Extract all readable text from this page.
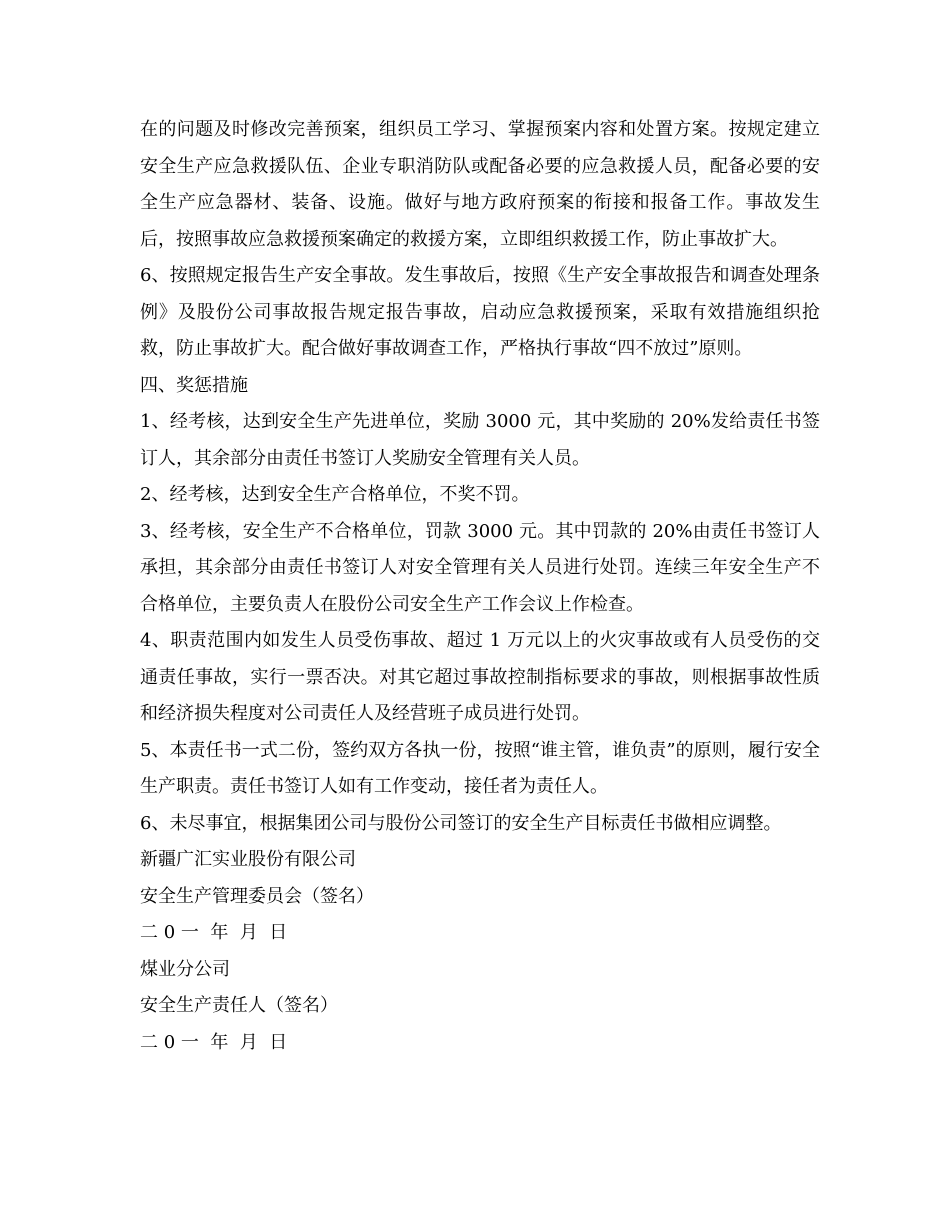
在的问题及时修改完善预案，组织员工学习、掌握预案内容和处置方案。按规定建立安全生产应急救援队伍、企业专职消防队或配备必要的应急救援人员，配备必要的安全生产应急器材、装备、设施。做好与地方政府预案的衔接和报备工作。事故发生后，按照事故应急救援预案确定的救援方案，立即组织救援工作，防止事故扩大。

6、按照规定报告生产安全事故。发生事故后，按照《生产安全事故报告和调查处理条例》及股份公司事故报告规定报告事故，启动应急救援预案，采取有效措施组织抢救，防止事故扩大。配合做好事故调查工作，严格执行事故“四不放过”原则。

四、奖惩措施

1、经考核，达到安全生产先进单位，奖励 3000 元，其中奖励的 20%发给责任书签订人，其余部分由责任书签订人奖励安全管理有关人员。

2、经考核，达到安全生产合格单位，不奖不罚。

3、经考核，安全生产不合格单位，罚款 3000 元。其中罚款的 20%由责任书签订人承担，其余部分由责任书签订人对安全管理有关人员进行处罚。连续三年安全生产不合格单位，主要负责人在股份公司安全生产工作会议上作检查。

4、职责范围内如发生人员受伤事故、超过 1 万元以上的火灾事故或有人员受伤的交通责任事故，实行一票否决。对其它超过事故控制指标要求的事故，则根据事故性质和经济损失程度对公司责任人及经营班子成员进行处罚。

5、本责任书一式二份，签约双方各执一份，按照“谁主管，谁负责”的原则，履行安全生产职责。责任书签订人如有工作变动，接任者为责任人。

6、未尽事宜，根据集团公司与股份公司签订的安全生产目标责任书做相应调整。

新疆广汇实业股份有限公司

安全生产管理委员会（签名）

二 0 一  年  月  日

煤业分公司

安全生产责任人（签名）

二 0 一  年  月  日
